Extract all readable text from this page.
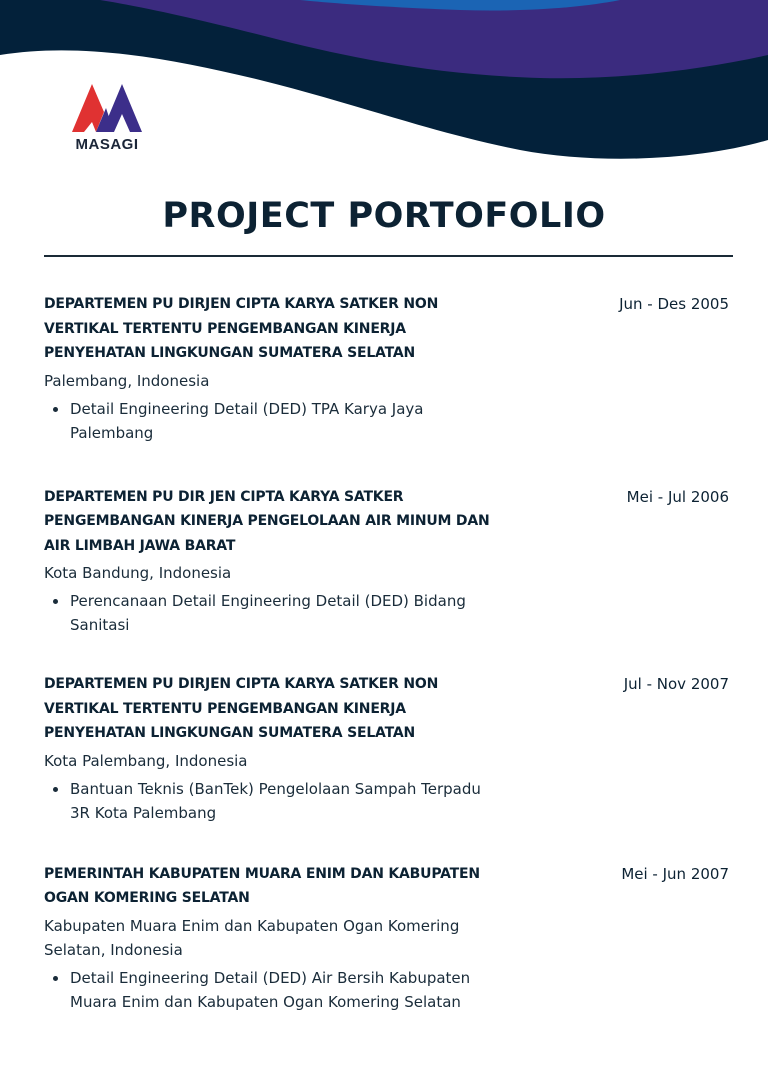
MASAGI
PROJECT PORTOFOLIO
DEPARTEMEN PU DIRJEN CIPTA KARYA SATKER NON VERTIKAL TERTENTU PENGEMBANGAN KINERJA PENYEHATAN LINGKUNGAN SUMATERA SELATAN
Jun - Des 2005
Palembang, Indonesia
Detail Engineering Detail (DED) TPA Karya Jaya Palembang
DEPARTEMEN PU DIR JEN CIPTA KARYA SATKER PENGEMBANGAN KINERJA PENGELOLAAN AIR MINUM DAN AIR LIMBAH JAWA BARAT
Mei - Jul 2006
Kota Bandung, Indonesia
Perencanaan Detail Engineering Detail (DED) Bidang Sanitasi
DEPARTEMEN PU DIRJEN CIPTA KARYA SATKER NON VERTIKAL TERTENTU PENGEMBANGAN KINERJA PENYEHATAN LINGKUNGAN SUMATERA SELATAN
Jul - Nov 2007
Kota Palembang, Indonesia
Bantuan Teknis (BanTek) Pengelolaan Sampah Terpadu 3R Kota Palembang
PEMERINTAH KABUPATEN MUARA ENIM DAN KABUPATEN OGAN KOMERING SELATAN
Mei - Jun 2007
Kabupaten Muara Enim dan Kabupaten Ogan Komering Selatan, Indonesia
Detail Engineering Detail (DED) Air Bersih Kabupaten Muara Enim dan Kabupaten Ogan Komering Selatan
